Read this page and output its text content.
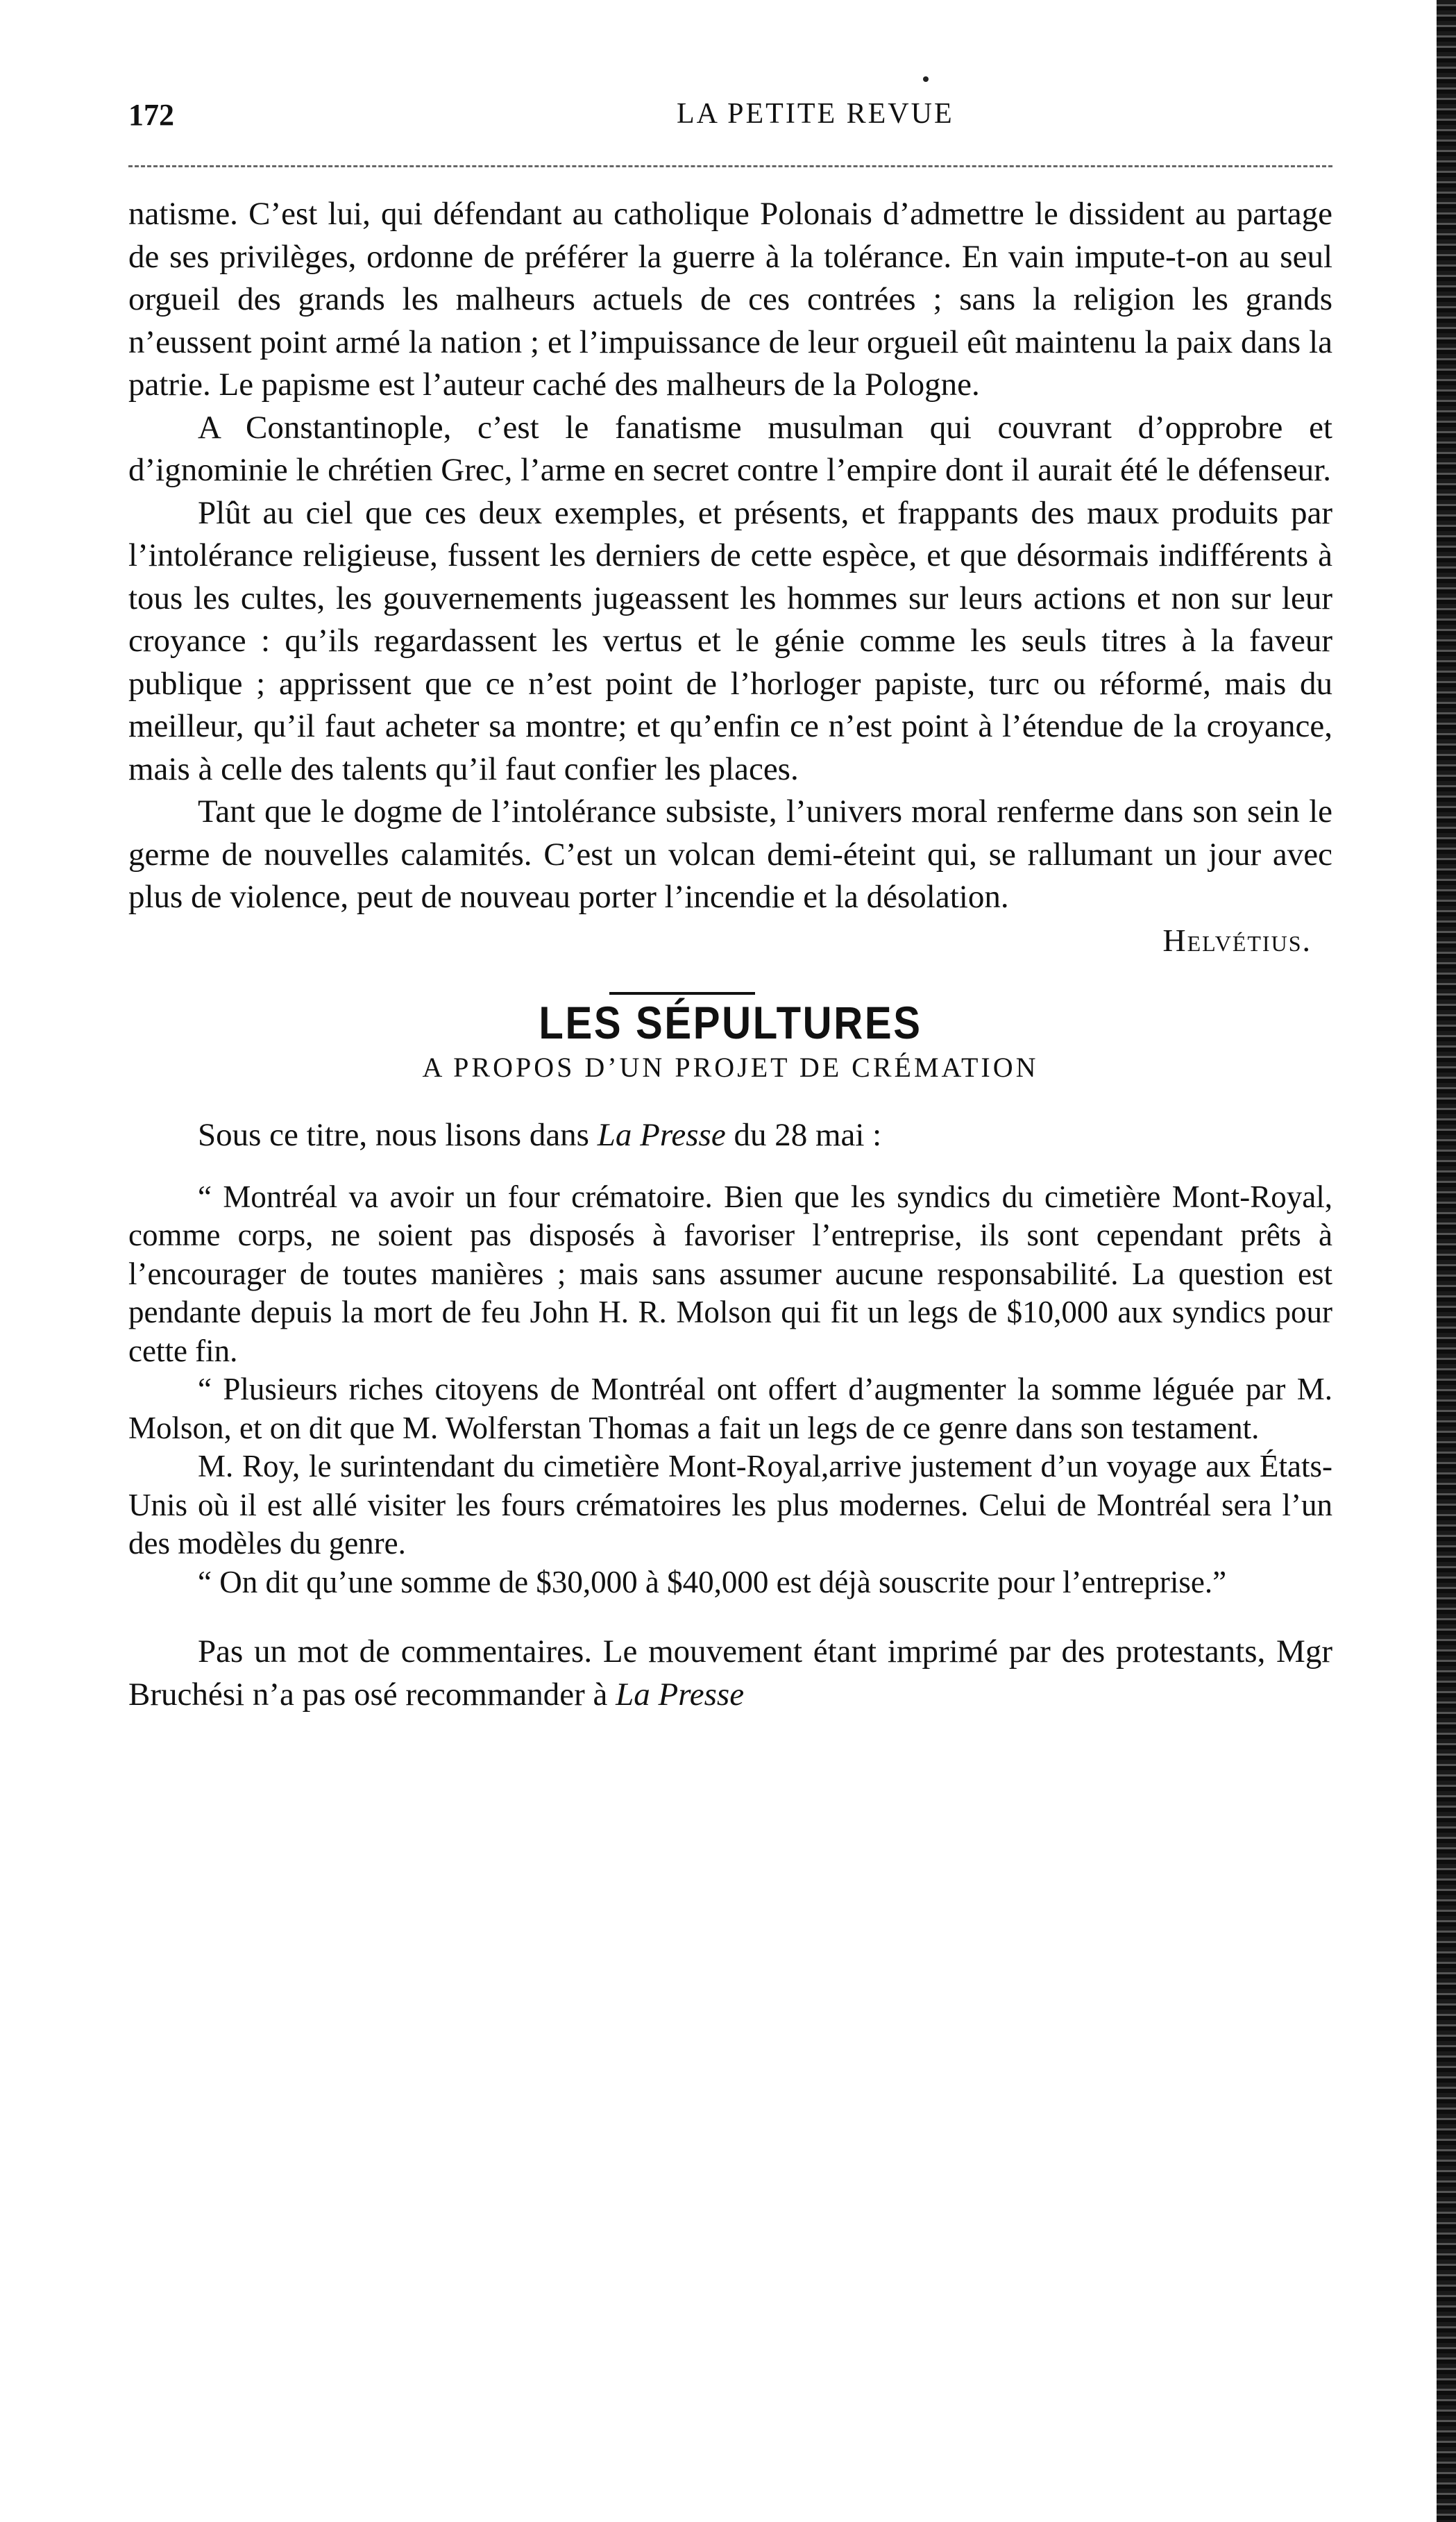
172	LA PETITE REVUE

natisme. C’est lui, qui défendant au catholique Polonais d’admettre le dissident au partage de ses privilèges, ordonne de préférer la guerre à la tolérance. En vain impute-t-on au seul orgueil des grands les malheurs actuels de ces contrées ; sans la religion les grands n’eussent point armé la nation ; et l’impuissance de leur orgueil eût maintenu la paix dans la patrie. Le papisme est l’auteur caché des malheurs de la Pologne.

A Constantinople, c’est le fanatisme musulman qui couvrant d’opprobre et d’ignominie le chrétien Grec, l’arme en secret contre l’empire dont il aurait été le défenseur.

Plût au ciel que ces deux exemples, et présents, et frappants des maux produits par l’intolérance religieuse, fussent les derniers de cette espèce, et que désormais indifférents à tous les cultes, les gouvernements jugeassent les hommes sur leurs actions et non sur leur croyance : qu’ils regardassent les vertus et le génie comme les seuls titres à la faveur publique ; apprissent que ce n’est point de l’horloger papiste, turc ou réformé, mais du meilleur, qu’il faut acheter sa montre; et qu’enfin ce n’est point à l’étendue de la croyance, mais à celle des talents qu’il faut confier les places.

Tant que le dogme de l’intolérance subsiste, l’univers moral renferme dans son sein le germe de nouvelles calamités. C’est un volcan demi-éteint qui, se rallumant un jour avec plus de violence, peut de nouveau porter l’incendie et la désolation.

Helvétius.

LES SÉPULTURES

A PROPOS D’UN PROJET DE CRÉMATION

Sous ce titre, nous lisons dans La Presse du 28 mai :

“ Montréal va avoir un four crématoire. Bien que les syndics du cimetière Mont-Royal, comme corps, ne soient pas disposés à favoriser l’entreprise, ils sont cependant prêts à l’encourager de toutes manières ; mais sans assumer aucune responsabilité. La question est pendante depuis la mort de feu John H. R. Molson qui fit un legs de $10,000 aux syndics pour cette fin.

“ Plusieurs riches citoyens de Montréal ont offert d’augmenter la somme léguée par M. Molson, et on dit que M. Wolferstan Thomas a fait un legs de ce genre dans son testament.

M. Roy, le surintendant du cimetière Mont-Royal,arrive justement d’un voyage aux États-Unis où il est allé visiter les fours crématoires les plus modernes. Celui de Montréal sera l’un des modèles du genre.

“ On dit qu’une somme de $30,000 à $40,000 est déjà souscrite pour l’entreprise.”

Pas un mot de commentaires. Le mouvement étant imprimé par des protestants, Mgr Bruchési n’a pas osé recommander à La Presse
